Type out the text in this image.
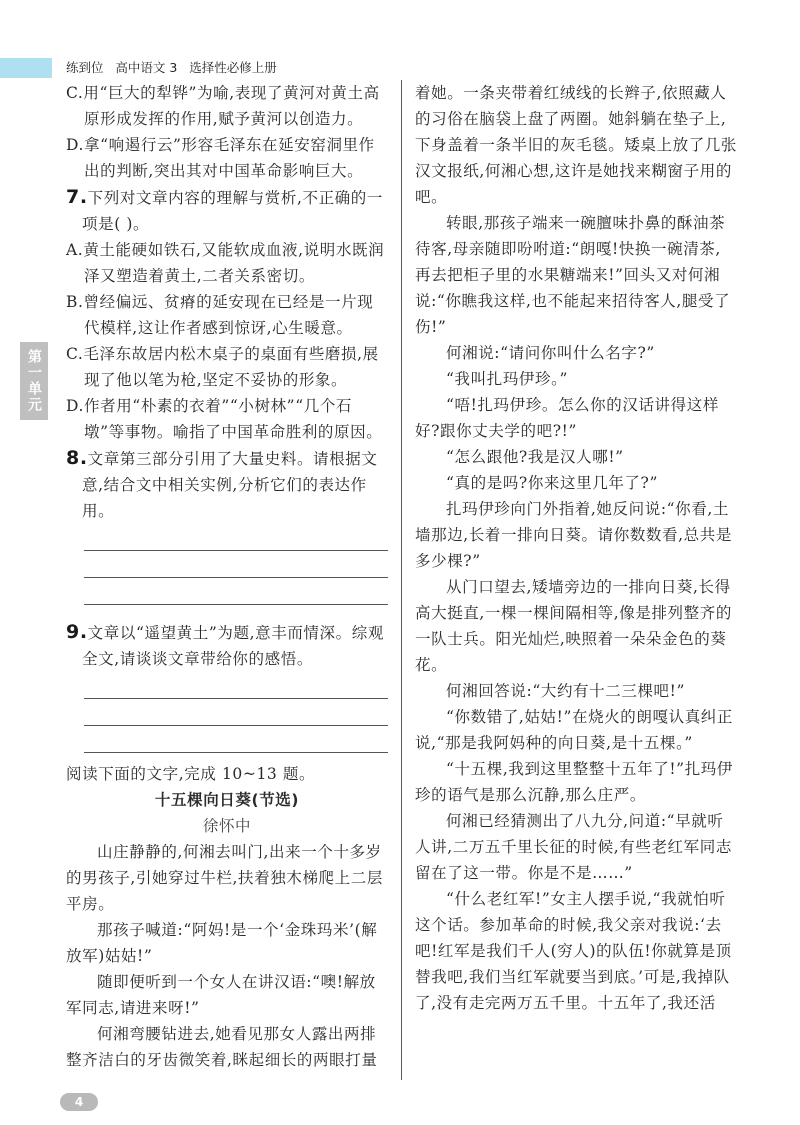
练到位   高中语文 3   选择性必修上册
第一单元

C.用“巨大的犁铧”为喻,表现了黄河对黄土高原形成发挥的作用,赋予黄河以创造力。

D.拿“响遏行云”形容毛泽东在延安窑洞里作出的判断,突出其对中国革命影响巨大。

7.下列对文章内容的理解与赏析,不正确的一项是( )。

A.黄土能硬如铁石,又能软成血液,说明水既润泽又塑造着黄土,二者关系密切。

B.曾经偏远、贫瘠的延安现在已经是一片现代模样,这让作者感到惊讶,心生暖意。

C.毛泽东故居内松木桌子的桌面有些磨损,展现了他以笔为枪,坚定不妥协的形象。

D.作者用“朴素的衣着”“小树林”“几个石墩”等事物。喻指了中国革命胜利的原因。

8.文章第三部分引用了大量史料。请根据文意,结合文中相关实例,分析它们的表达作用。

9.文章以“遥望黄土”为题,意丰而情深。综观全文,请谈谈文章带给你的感悟。

阅读下面的文字,完成 10~13 题。

十五棵向日葵(节选)

徐怀中

山庄静静的,何湘去叫门,出来一个十多岁的男孩子,引她穿过牛栏,扶着独木梯爬上二层平房。

那孩子喊道:“阿妈!是一个‘金珠玛米’(解放军)姑姑!”

随即便听到一个女人在讲汉语:“噢!解放军同志,请进来呀!”

何湘弯腰钻进去,她看见那女人露出两排整齐洁白的牙齿微笑着,眯起细长的两眼打量

着她。一条夹带着红绒线的长辫子,依照藏人的习俗在脑袋上盘了两圈。她斜躺在垫子上,下身盖着一条半旧的灰毛毯。矮桌上放了几张汉文报纸,何湘心想,这许是她找来糊窗子用的吧。

转眼,那孩子端来一碗膻味扑鼻的酥油茶待客,母亲随即吩咐道:“朗嘎!快换一碗清茶,再去把柜子里的水果糖端来!”回头又对何湘说:“你瞧我这样,也不能起来招待客人,腿受了伤!”

何湘说:“请问你叫什么名字?”

“我叫扎玛伊珍。”

“唔!扎玛伊珍。怎么你的汉话讲得这样好?跟你丈夫学的吧?!”

“怎么跟他?我是汉人哪!”

“真的是吗?你来这里几年了?”

扎玛伊珍向门外指着,她反问说:“你看,土墙那边,长着一排向日葵。请你数数看,总共是多少棵?”

从门口望去,矮墙旁边的一排向日葵,长得高大挺直,一棵一棵间隔相等,像是排列整齐的一队士兵。阳光灿烂,映照着一朵朵金色的葵花。

何湘回答说:“大约有十二三棵吧!”

“你数错了,姑姑!”在烧火的朗嘎认真纠正说,“那是我阿妈种的向日葵,是十五棵。”

“十五棵,我到这里整整十五年了!”扎玛伊珍的语气是那么沉静,那么庄严。

何湘已经猜测出了八九分,问道:“早就听人讲,二万五千里长征的时候,有些老红军同志留在了这一带。你是不是……”

“什么老红军!”女主人摆手说,“我就怕听这个话。参加革命的时候,我父亲对我说:‘去吧!红军是我们千人(穷人)的队伍!你就算是顶替我吧,我们当红军就要当到底。’可是,我掉队了,没有走完两万五千里。十五年了,我还活

4
